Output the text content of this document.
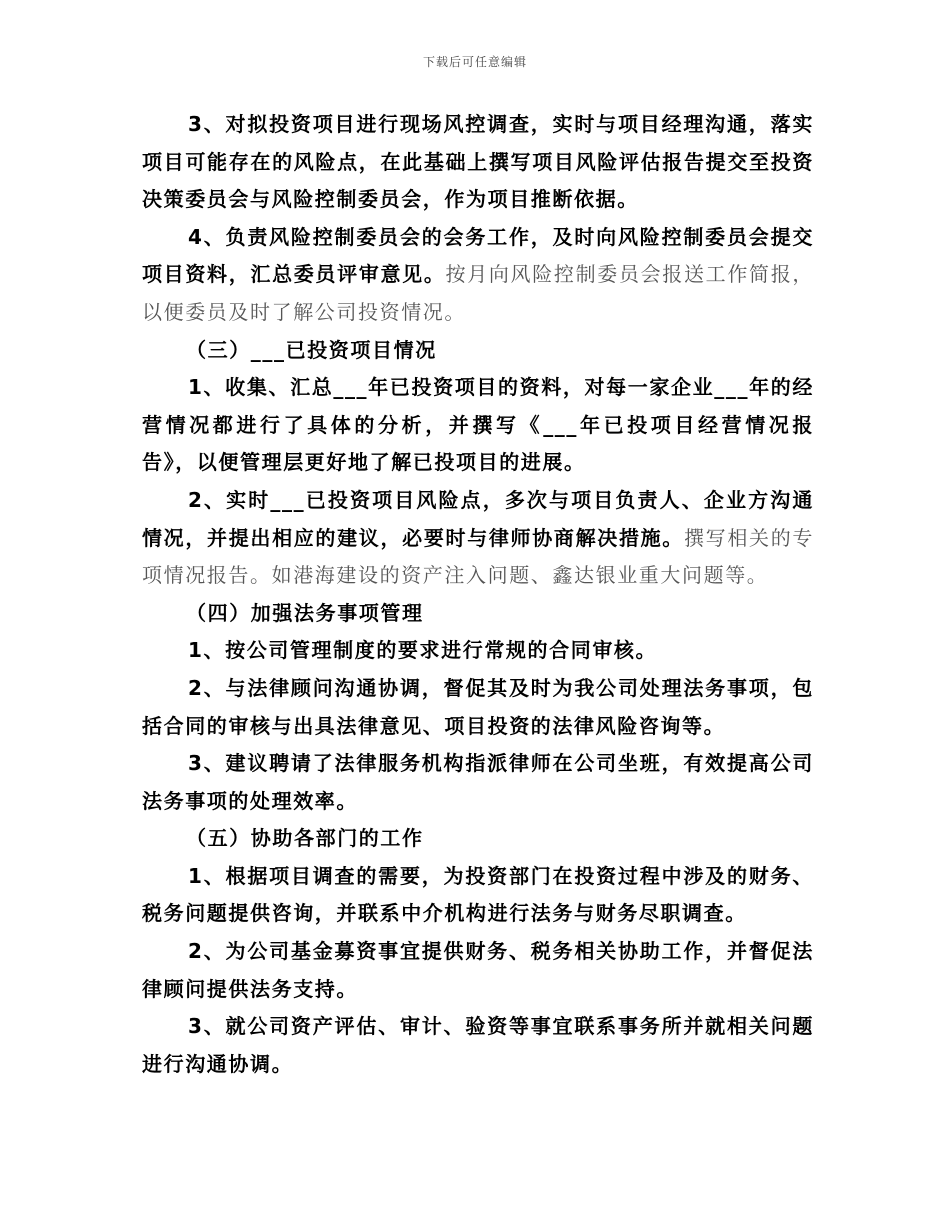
下载后可任意编辑

3、对拟投资项目进行现场风控调查，实时与项目经理沟通，落实项目可能存在的风险点，在此基础上撰写项目风险评估报告提交至投资决策委员会与风险控制委员会，作为项目推断依据。

4、负责风险控制委员会的会务工作，及时向风险控制委员会提交项目资料，汇总委员评审意见。按月向风险控制委员会报送工作简报，以便委员及时了解公司投资情况。

（三）___已投资项目情况

1、收集、汇总___年已投资项目的资料，对每一家企业___年的经营情况都进行了具体的分析，并撰写《___年已投项目经营情况报告》，以便管理层更好地了解已投项目的进展。

2、实时___已投资项目风险点，多次与项目负责人、企业方沟通情况，并提出相应的建议，必要时与律师协商解决措施。撰写相关的专项情况报告。如港海建设的资产注入问题、鑫达银业重大问题等。

（四）加强法务事项管理

1、按公司管理制度的要求进行常规的合同审核。

2、与法律顾问沟通协调，督促其及时为我公司处理法务事项，包括合同的审核与出具法律意见、项目投资的法律风险咨询等。

3、建议聘请了法律服务机构指派律师在公司坐班，有效提高公司法务事项的处理效率。

（五）协助各部门的工作

1、根据项目调查的需要，为投资部门在投资过程中涉及的财务、税务问题提供咨询，并联系中介机构进行法务与财务尽职调查。

2、为公司基金募资事宜提供财务、税务相关协助工作，并督促法律顾问提供法务支持。

3、就公司资产评估、审计、验资等事宜联系事务所并就相关问题进行沟通协调。
